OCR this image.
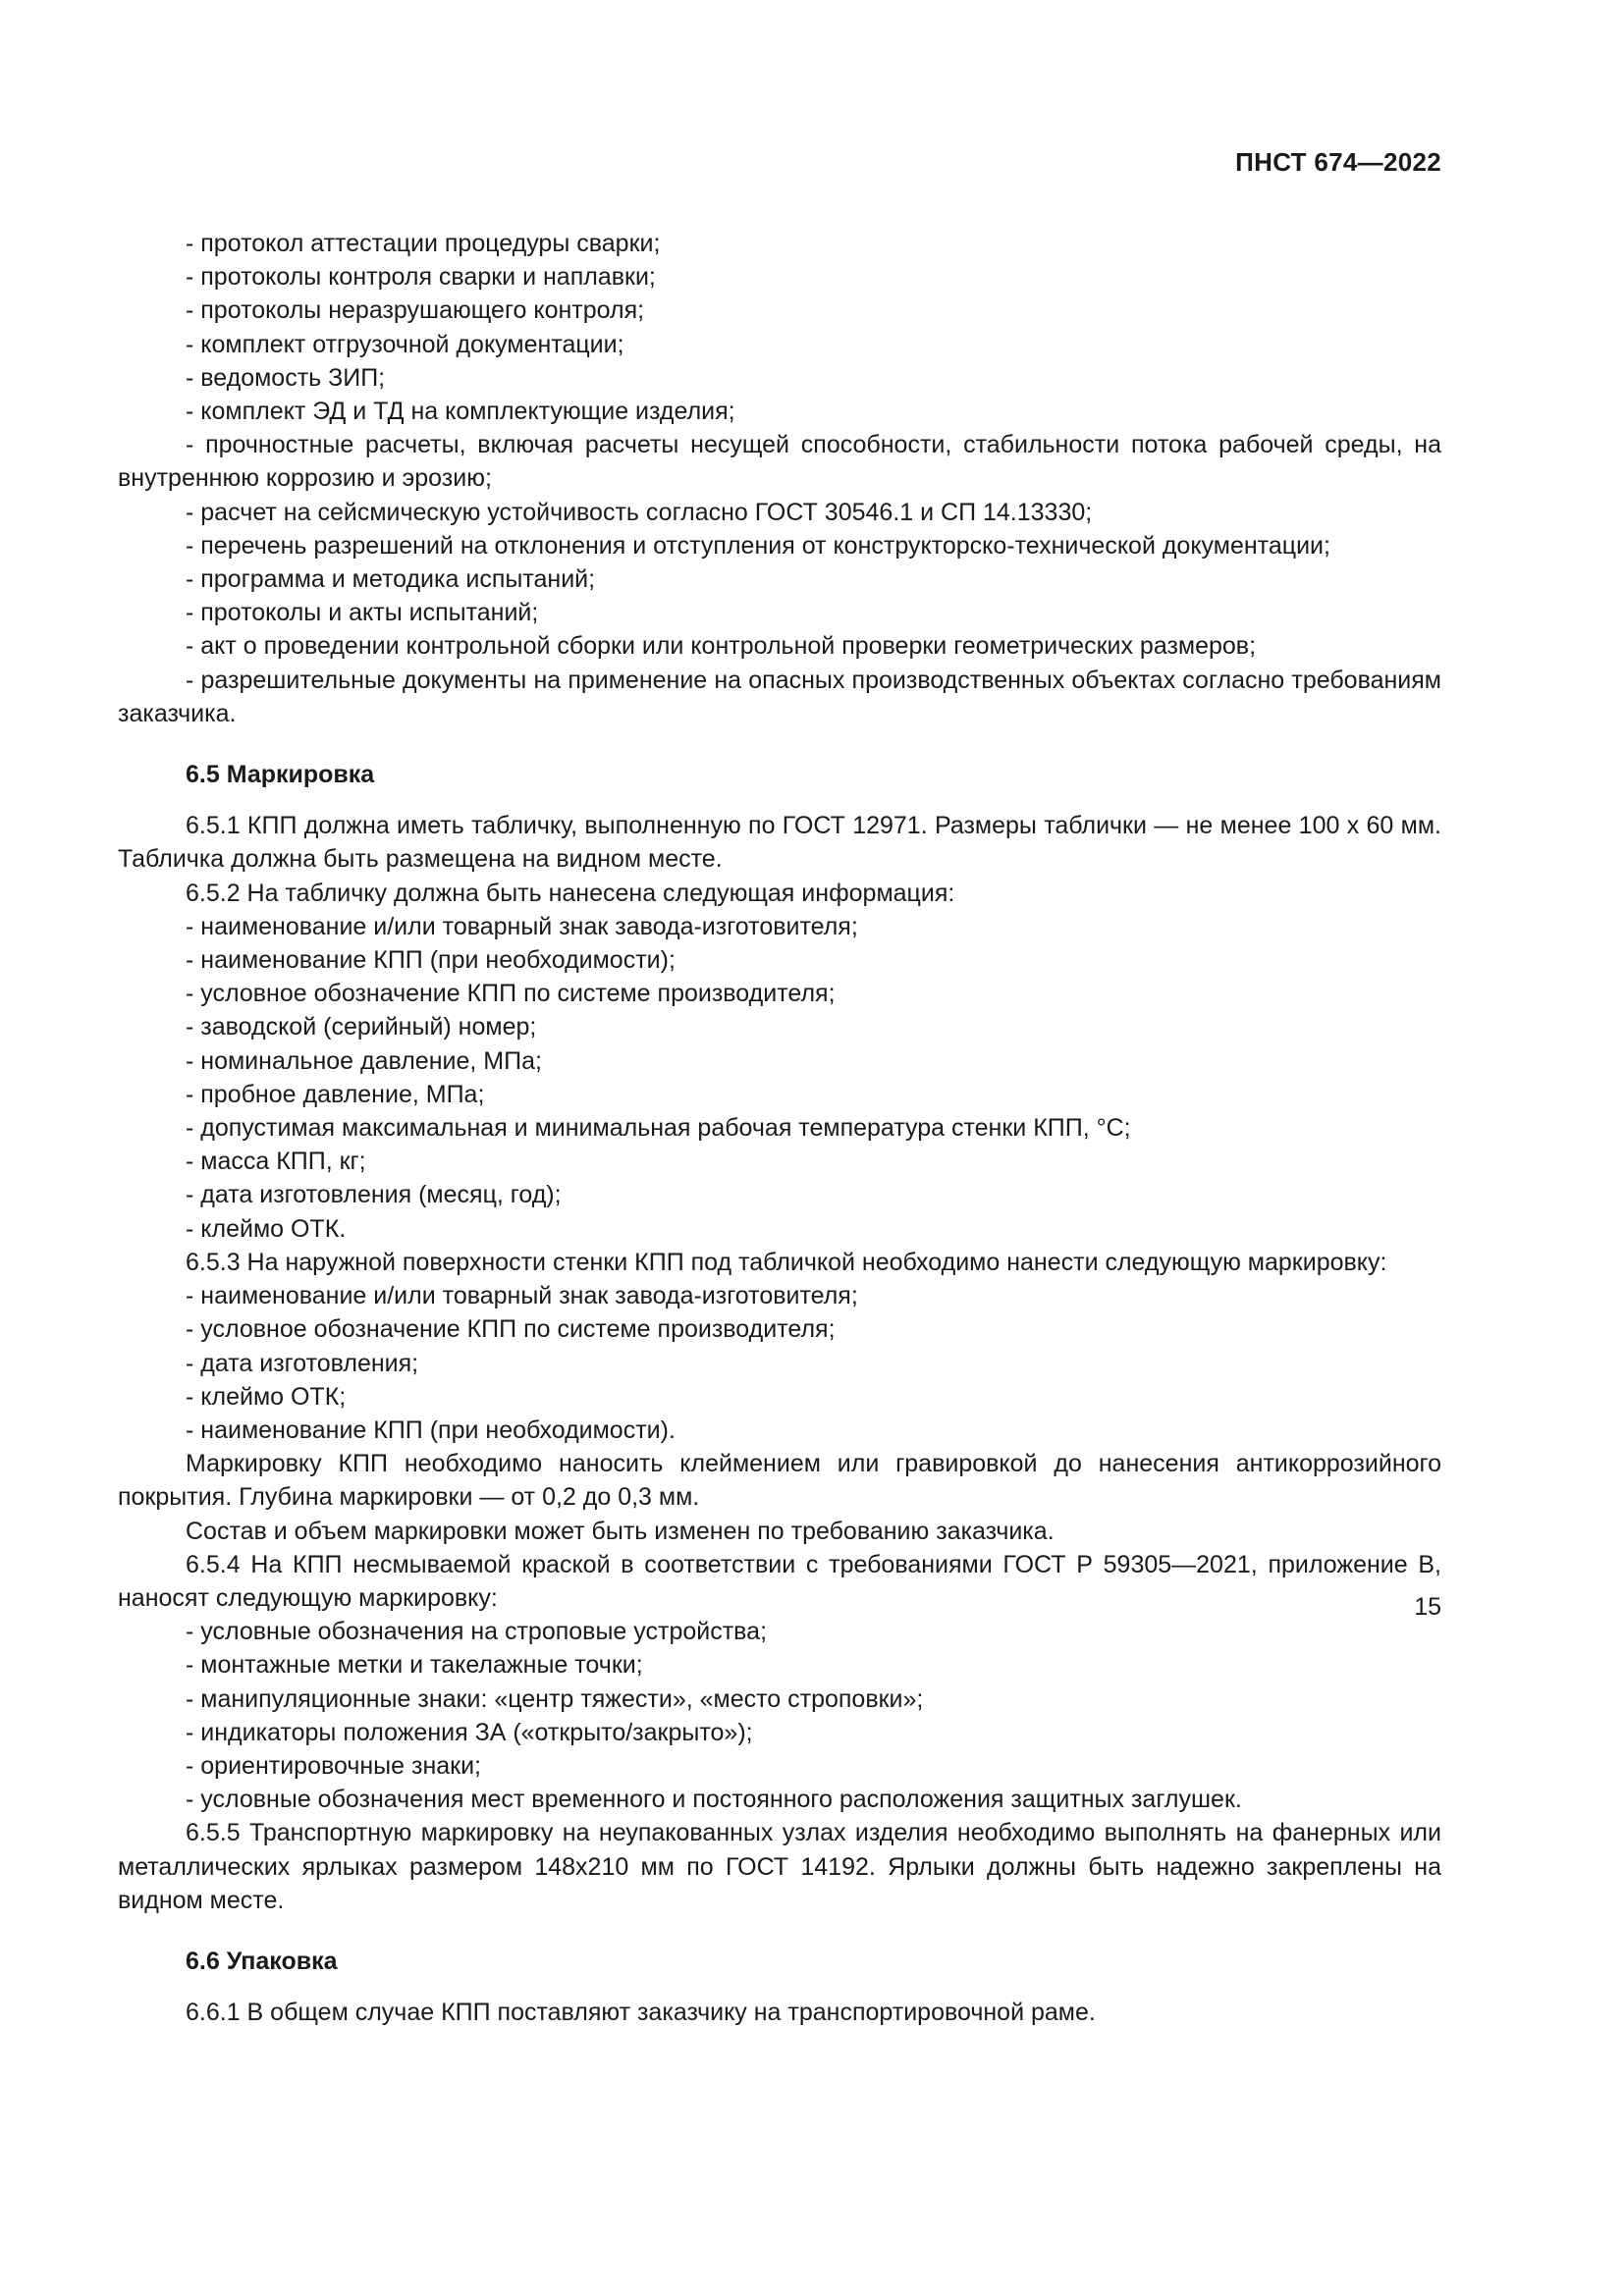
ПНСТ 674—2022

- протокол аттестации процедуры сварки;

- протоколы контроля сварки и наплавки;

- протоколы неразрушающего контроля;

- комплект отгрузочной документации;

- ведомость ЗИП;

- комплект ЭД и ТД на комплектующие изделия;

- прочностные расчеты, включая расчеты несущей способности, стабильности потока рабочей среды, на внутреннюю коррозию и эрозию;

- расчет на сейсмическую устойчивость согласно ГОСТ 30546.1 и СП 14.13330;

- перечень разрешений на отклонения и отступления от конструкторско-технической документации;

- программа и методика испытаний;

- протоколы и акты испытаний;

- акт о проведении контрольной сборки или контрольной проверки геометрических размеров;

- разрешительные документы на применение на опасных производственных объектах согласно требованиям заказчика.

6.5 Маркировка

6.5.1 КПП должна иметь табличку, выполненную по ГОСТ 12971. Размеры таблички — не менее 100 х 60 мм. Табличка должна быть размещена на видном месте.

6.5.2 На табличку должна быть нанесена следующая информация:

- наименование и/или товарный знак завода-изготовителя;

- наименование КПП (при необходимости);

- условное обозначение КПП по системе производителя;

- заводской (серийный) номер;

- номинальное давление, МПа;

- пробное давление, МПа;

- допустимая максимальная и минимальная рабочая температура стенки КПП, °С;

- масса КПП, кг;

- дата изготовления (месяц, год);

- клеймо ОТК.

6.5.3 На наружной поверхности стенки КПП под табличкой необходимо нанести следующую маркировку:

- наименование и/или товарный знак завода-изготовителя;

- условное обозначение КПП по системе производителя;

- дата изготовления;

- клеймо ОТК;

- наименование КПП (при необходимости).

Маркировку КПП необходимо наносить клеймением или гравировкой до нанесения антикоррозийного покрытия. Глубина маркировки — от 0,2 до 0,3 мм.

Состав и объем маркировки может быть изменен по требованию заказчика.

6.5.4 На КПП несмываемой краской в соответствии с требованиями ГОСТ Р 59305—2021, приложение В, наносят следующую маркировку:

- условные обозначения на строповые устройства;

- монтажные метки и такелажные точки;

- манипуляционные знаки: «центр тяжести», «место строповки»;

- индикаторы положения ЗА («открыто/закрыто»);

- ориентировочные знаки;

- условные обозначения мест временного и постоянного расположения защитных заглушек.

6.5.5 Транспортную маркировку на неупакованных узлах изделия необходимо выполнять на фанерных или металлических ярлыках размером 148х210 мм по ГОСТ 14192. Ярлыки должны быть надежно закреплены на видном месте.

6.6 Упаковка

6.6.1 В общем случае КПП поставляют заказчику на транспортировочной раме.

15
